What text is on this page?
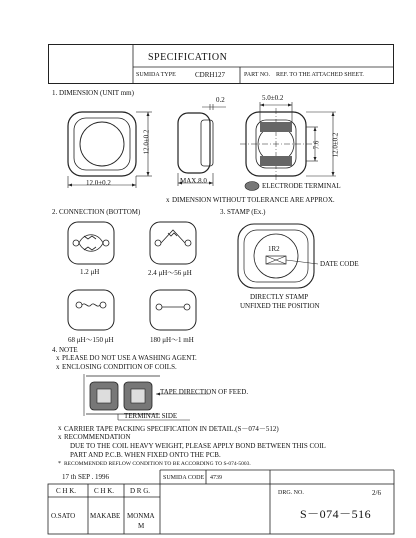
SPECIFICATION
SUMIDA TYPE	CDRH127	PART NO. REF. TO THE ATTACHED SHEET.
1. DIMENSION (UNIT mm)
12.0±0.2
12.0±0.2
0.2
MAX.8.0
5.0±0.2
7.6 12.0±0.2
ELECTRODE TERMINAL
x DIMENSION WITHOUT TOLERANCE ARE APPROX.
2. CONNECTION (BOTTOM)
1.2 μH	2.4 μH～56 μH
68 μH～150 μH	180 μH～1 mH
3. STAMP (Ex.)
1R2
DATE CODE
DIRECTLY STAMP
UNFIXED THE POSITION
4. NOTE
x PLEASE DO NOT USE A WASHING AGENT.
x ENCLOSING CONDITION OF COILS.
TAPE DIRECTION OF FEED.
TERMINAL SIDE
x CARRIER TAPE PACKING SPECIFICATION IN DETAIL.(S－074－512)
x RECOMMENDATION
DUE TO THE COIL HEAVY WEIGHT, PLEASE APPLY BOND BETWEEN THIS COIL
PART AND P.C.B. WHEN FIXED ONTO THE PCB.
* RECOMMENDED REFLOW CONDITION TO BE ACCORDING TO S-074-5003.
17 th SEP . 1996	SUMIDA CODE 4739
C H K.	C H K. D R G.
O.SATO MAKABE MONMA
M
DRG. NO.	2/6
S－074－516
